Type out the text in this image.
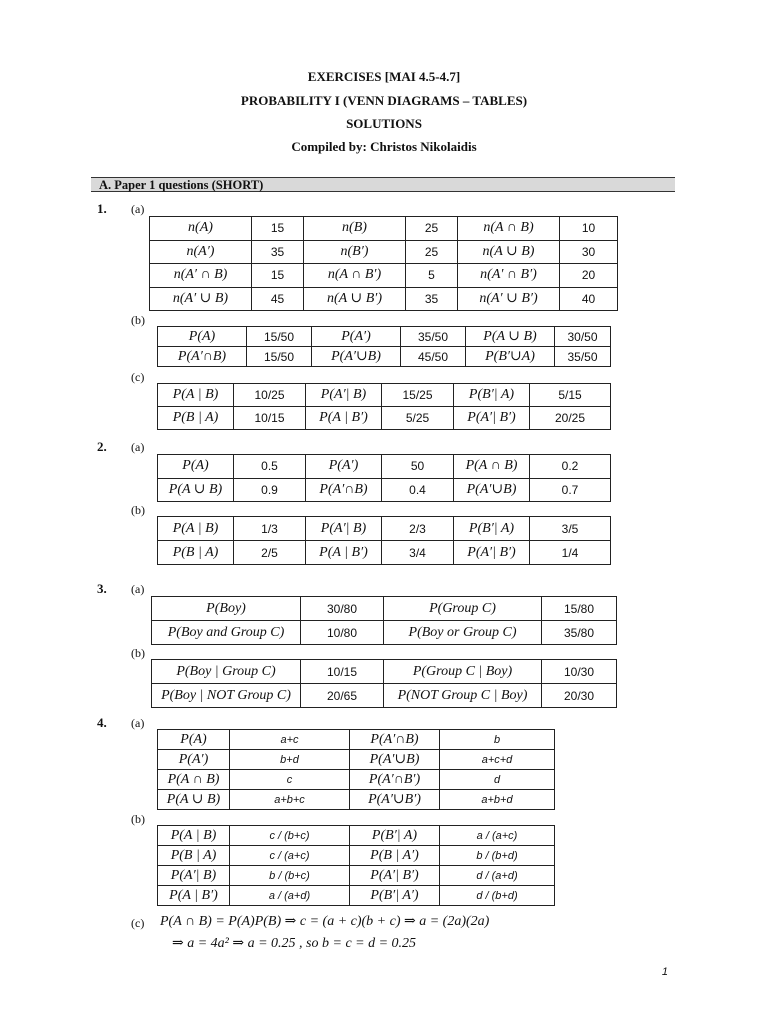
EXERCISES [MAI 4.5-4.7]
PROBABILITY I (VENN DIAGRAMS – TABLES)
SOLUTIONS
Compiled by: Christos Nikolaidis
A. Paper 1 questions (SHORT)
1. (a)
n(A)	15	n(B)	25	n(A ∩ B)	10
n(A′)	35	n(B′)	25	n(A ∪ B)	30
n(A′ ∩ B)	15	n(A ∩ B′)	5	n(A′ ∩ B′)	20
n(A′ ∪ B)	45	n(A ∪ B′)	35	n(A′ ∪ B′)	40
(b)
P(A)	15/50	P(A′)	35/50	P(A ∪ B)	30/50
P(A′∩B)	15/50	P(A′∪B)	45/50	P(B′∪A)	35/50
(c)
P(A | B)	10/25	P(A′| B)	15/25	P(B′| A)	5/15
P(B | A)	10/15	P(A | B′)	5/25	P(A′| B′)	20/25
2. (a)
P(A)	0.5	P(A′)	50	P(A ∩ B)	0.2
P(A ∪ B)	0.9	P(A′∩B)	0.4	P(A′∪B)	0.7
(b)
P(A | B)	1/3	P(A′| B)	2/3	P(B′| A)	3/5
P(B | A)	2/5	P(A | B′)	3/4	P(A′| B′)	1/4
3. (a)
P(Boy)	30/80	P(Group C)	15/80
P(Boy and Group C)	10/80	P(Boy or Group C)	35/80
(b)
P(Boy | Group C)	10/15	P(Group C | Boy)	10/30
P(Boy | NOT Group C)	20/65	P(NOT Group C | Boy)	20/30
4. (a)
P(A)	a+c	P(A′∩B)	b
P(A′)	b+d	P(A′∪B)	a+c+d
P(A ∩ B)	c	P(A′∩B′)	d
P(A ∪ B)	a+b+c	P(A′∪B′)	a+b+d
(b)
P(A | B)	c / (b+c)	P(B′| A)	a / (a+c)
P(B | A)	c / (a+c)	P(B | A′)	b / (b+d)
P(A′| B)	b / (b+c)	P(A′| B′)	d / (a+d)
P(A | B′)	a / (a+d)	P(B′| A′)	d / (b+d)
(c) P(A ∩ B) = P(A)P(B) ⇒ c = (a + c)(b + c) ⇒ a = (2a)(2a)
⇒ a = 4a² ⇒ a = 0.25 , so b = c = d = 0.25
1
